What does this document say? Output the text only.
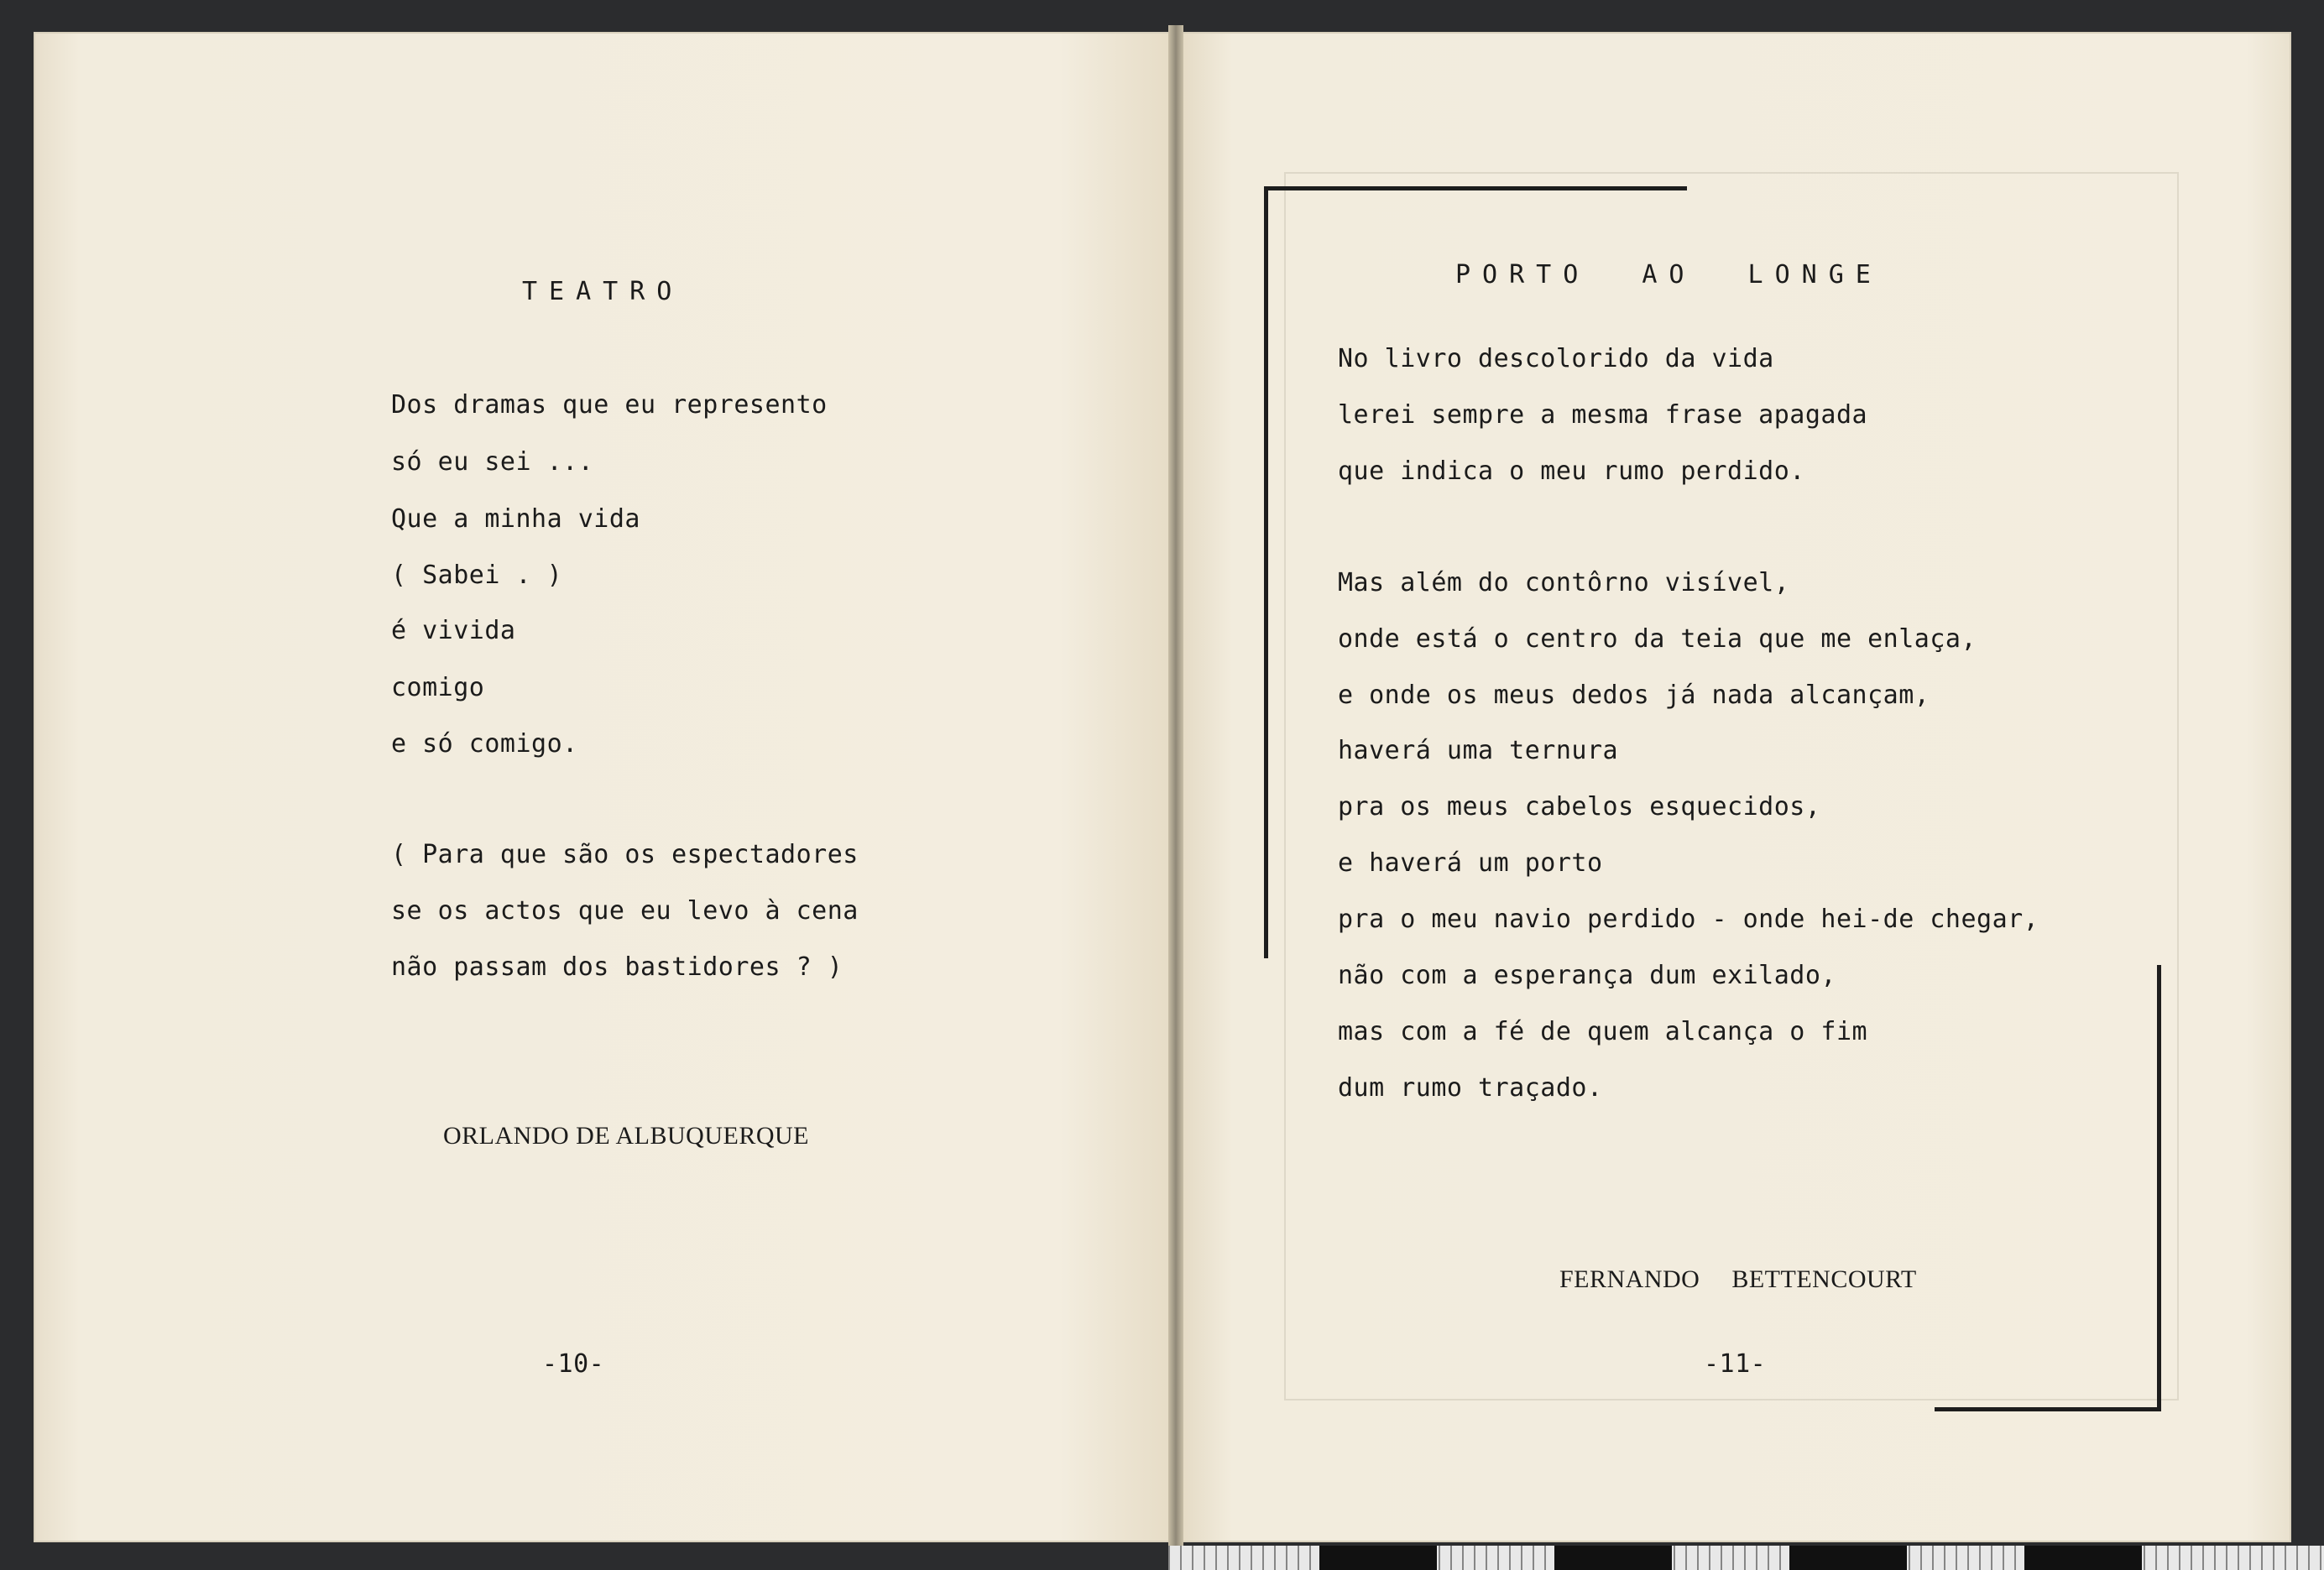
TEATRO
Dos dramas que eu represento
só eu sei ...
Que a minha vida
( Sabei . )
é vivida
comigo
e só comigo.
( Para que são os espectadores
se os actos que eu levo à cena
não passam dos bastidores ? )
ORLANDO DE ALBUQUERQUE
-10-
PORTO AO LONGE
No livro descolorido da vida
lerei sempre a mesma frase apagada
que indica o meu rumo perdido.
Mas além do contôrno visível,
onde está o centro da teia que me enlaça,
e onde os meus dedos já nada alcançam,
haverá uma ternura
pra os meus cabelos esquecidos,
e haverá um porto
pra o meu navio perdido - onde hei-de chegar,
não com a esperança dum exilado,
mas com a fé de quem alcança o fim
dum rumo traçado.
FERNANDO BETTENCOURT
-11-
